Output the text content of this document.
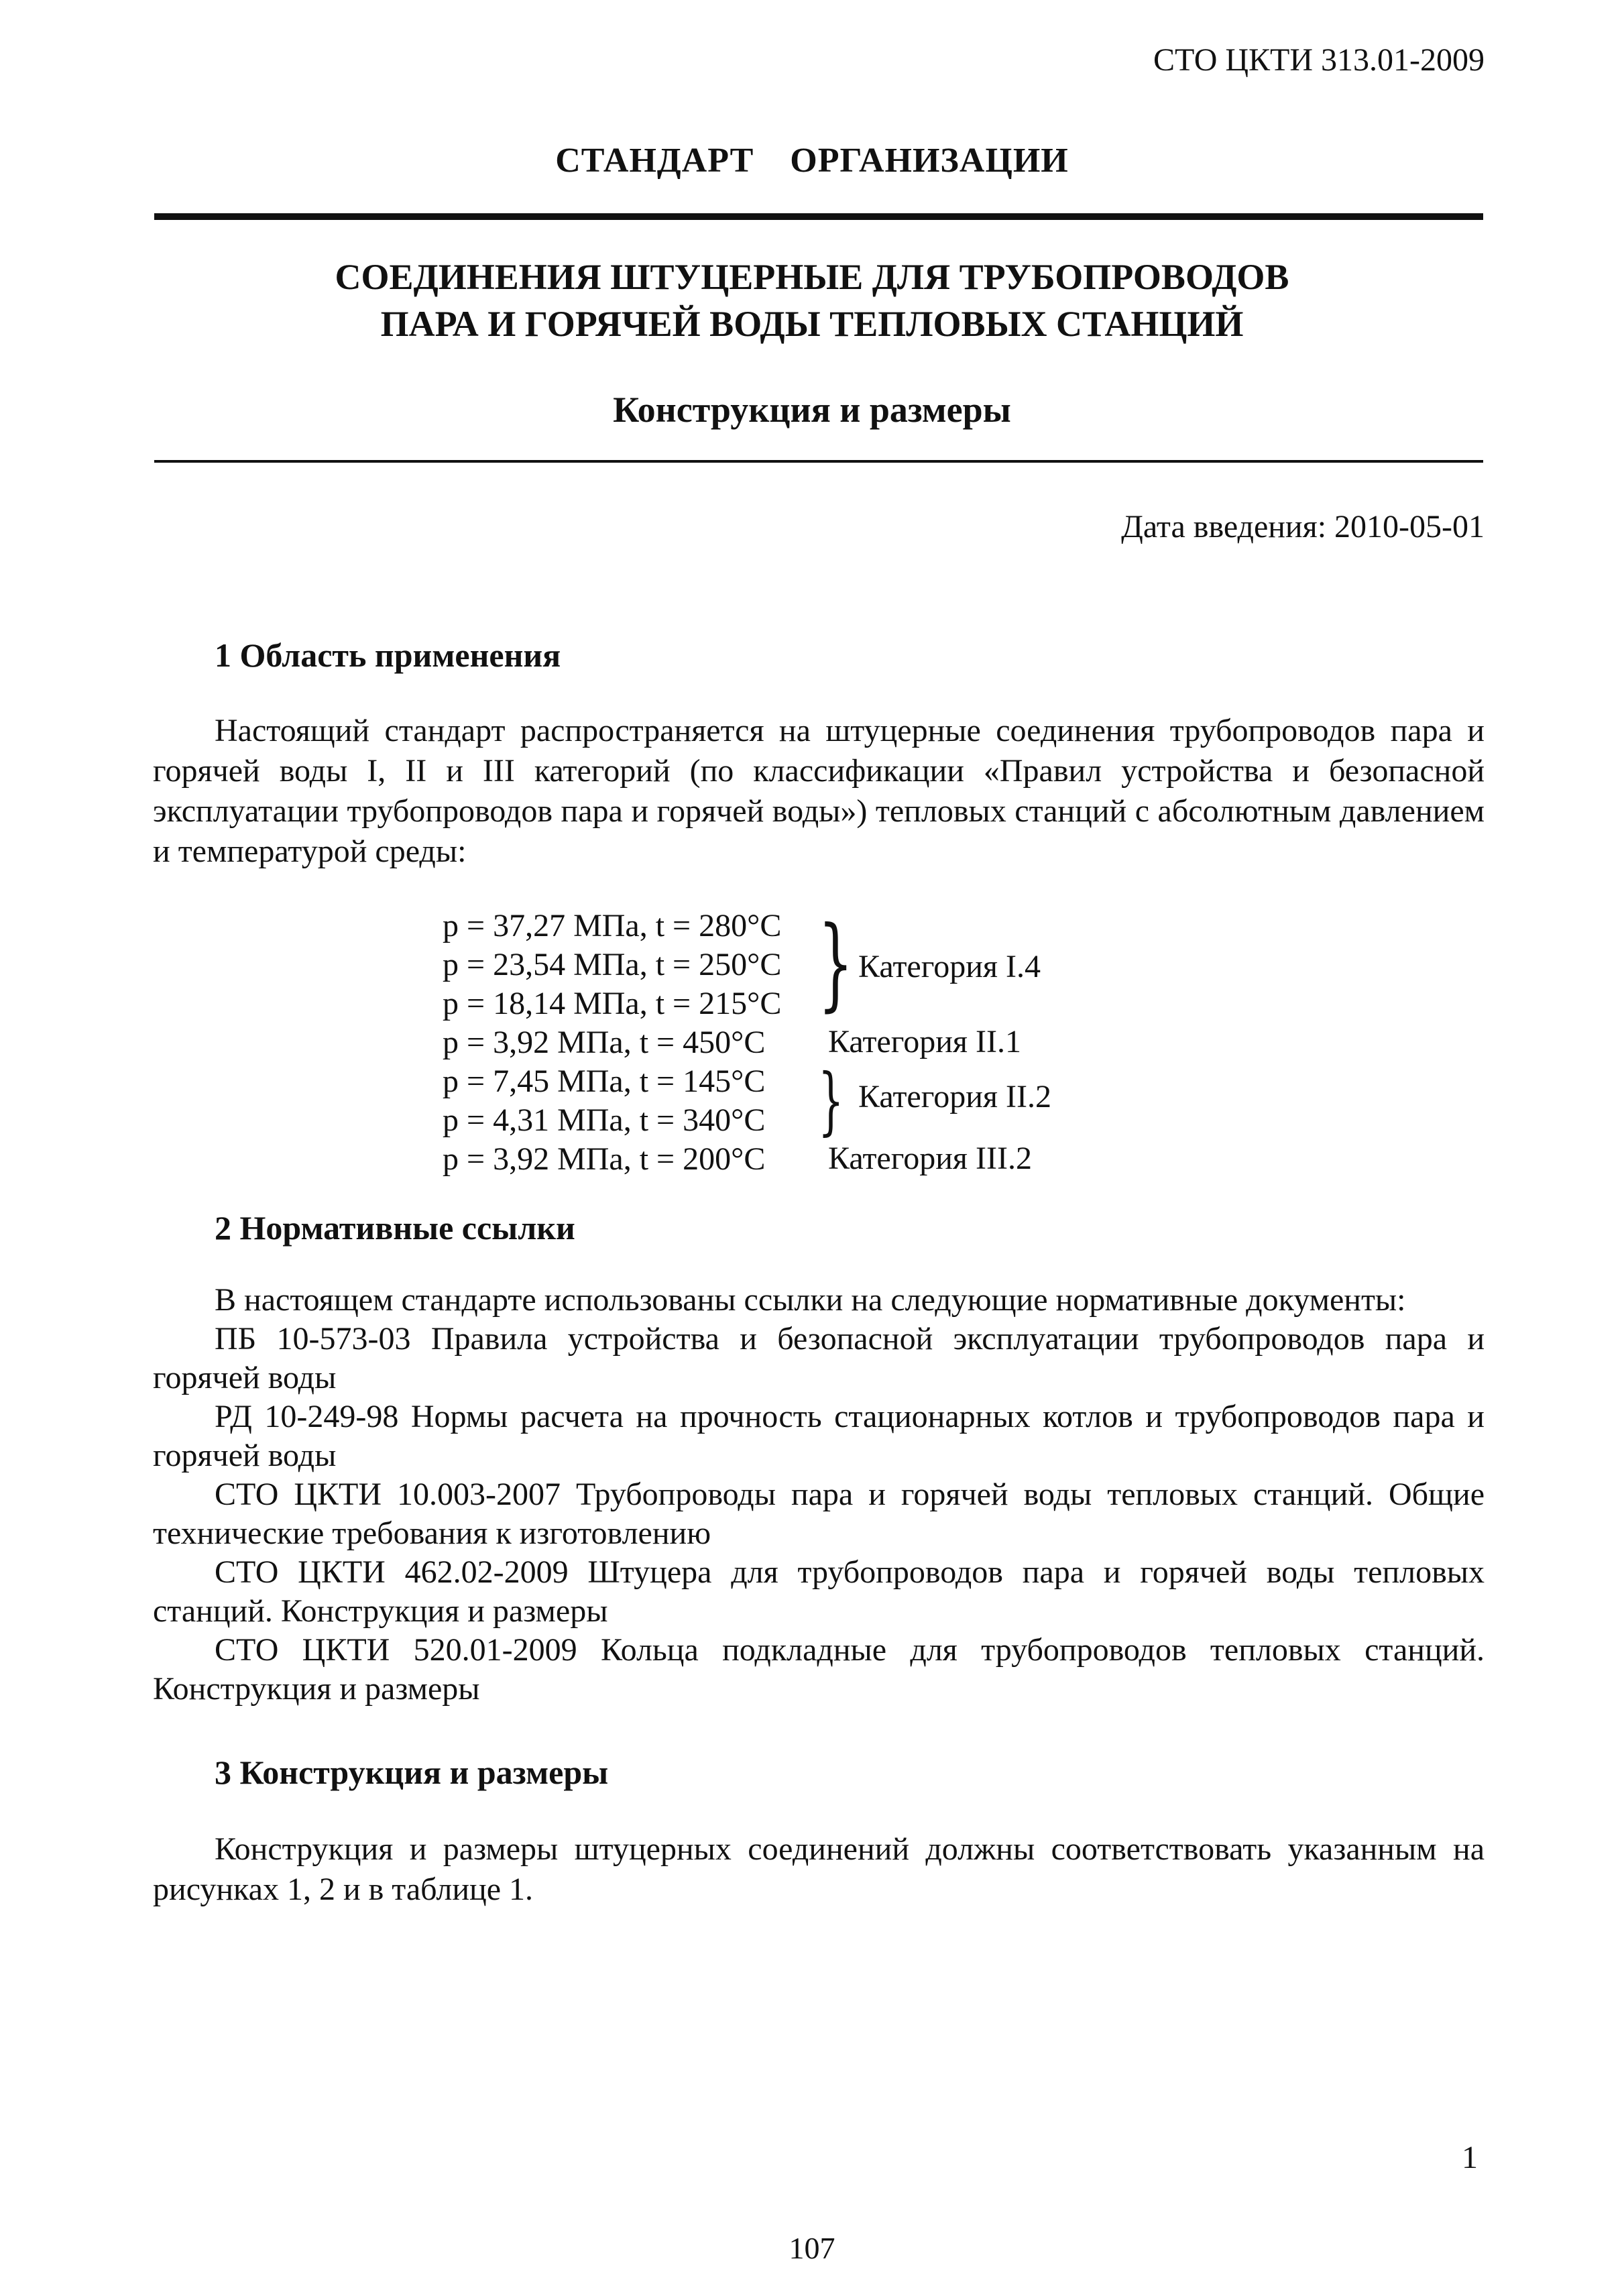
СТО ЦКТИ 313.01-2009
СТАНДАРТ ОРГАНИЗАЦИИ
СОЕДИНЕНИЯ ШТУЦЕРНЫЕ ДЛЯ ТРУБОПРОВОДОВ
ПАРА И ГОРЯЧЕЙ ВОДЫ ТЕПЛОВЫХ СТАНЦИЙ
Конструкция и размеры
Дата введения: 2010-05-01
1 Область применения

Настоящий стандарт распространяется на штуцерные соединения трубопроводов пара и горячей воды I, II и III категорий (по классификации «Правил устройства и безопасной эксплуатации трубопроводов пара и горячей воды») тепловых станций с абсолютным давлением и температурой среды:

p = 37,27 МПа, t = 280°C
p = 23,54 МПа, t = 250°C
p = 18,14 МПа, t = 215°C
p = 3,92 МПа, t = 450°C
p = 7,45 МПа, t = 145°C
p = 4,31 МПа, t = 340°C
p = 3,92 МПа, t = 200°C
} Категория I.4
Категория II.1
} Категория II.2
Категория III.2
2 Нормативные ссылки

В настоящем стандарте использованы ссылки на следующие нормативные документы:

ПБ 10-573-03 Правила устройства и безопасной эксплуатации трубопроводов пара и горячей воды

РД 10-249-98 Нормы расчета на прочность стационарных котлов и трубопроводов пара и горячей воды

СТО ЦКТИ 10.003-2007 Трубопроводы пара и горячей воды тепловых станций. Общие технические требования к изготовлению

СТО ЦКТИ 462.02-2009 Штуцера для трубопроводов пара и горячей воды тепловых станций. Конструкция и размеры

СТО ЦКТИ 520.01-2009 Кольца подкладные для трубопроводов тепловых станций. Конструкция и размеры

3 Конструкция и размеры

Конструкция и размеры штуцерных соединений должны соответствовать указанным на рисунках 1, 2 и в таблице 1.

1
107
